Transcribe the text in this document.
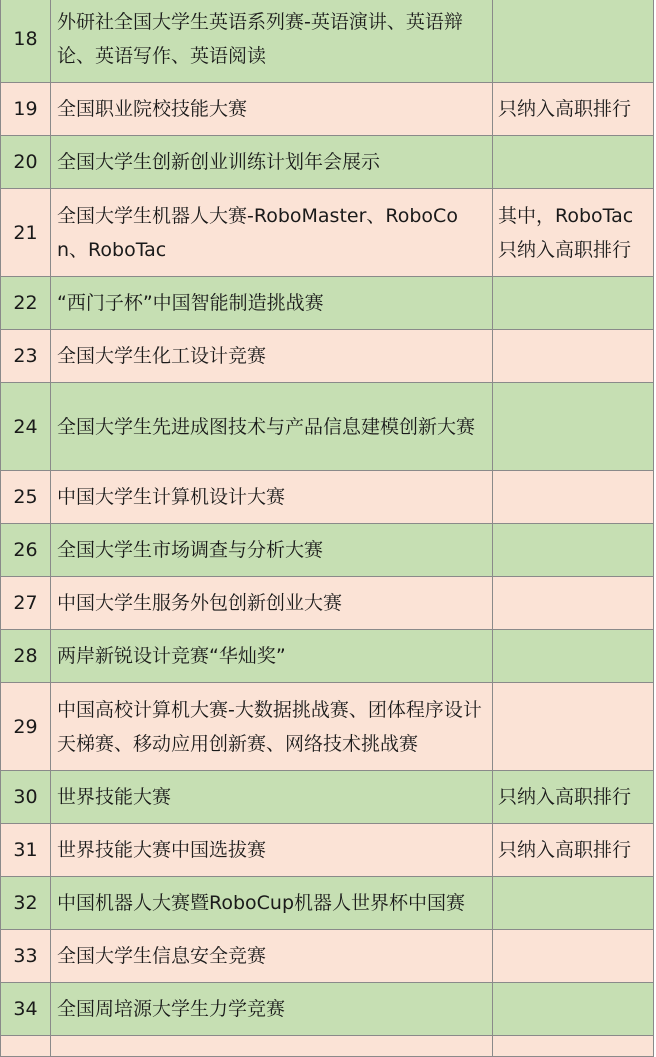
18	外研社全国大学生英语系列赛-英语演讲、英语辩论、英语写作、英语阅读	
19	全国职业院校技能大赛	只纳入高职排行
20	全国大学生创新创业训练计划年会展示	
21	全国大学生机器人大赛-RoboMaster、RoboCon、RoboTac	其中，RoboTac只纳入高职排行
22	“西门子杯”中国智能制造挑战赛	
23	全国大学生化工设计竞赛	
24	全国大学生先进成图技术与产品信息建模创新大赛	
25	中国大学生计算机设计大赛	
26	全国大学生市场调查与分析大赛	
27	中国大学生服务外包创新创业大赛	
28	两岸新锐设计竞赛“华灿奖”	
29	中国高校计算机大赛-大数据挑战赛、团体程序设计天梯赛、移动应用创新赛、网络技术挑战赛	
30	世界技能大赛	只纳入高职排行
31	世界技能大赛中国选拔赛	只纳入高职排行
32	中国机器人大赛暨RoboCup机器人世界杯中国赛	
33	全国大学生信息安全竞赛	
34	全国周培源大学生力学竞赛	
